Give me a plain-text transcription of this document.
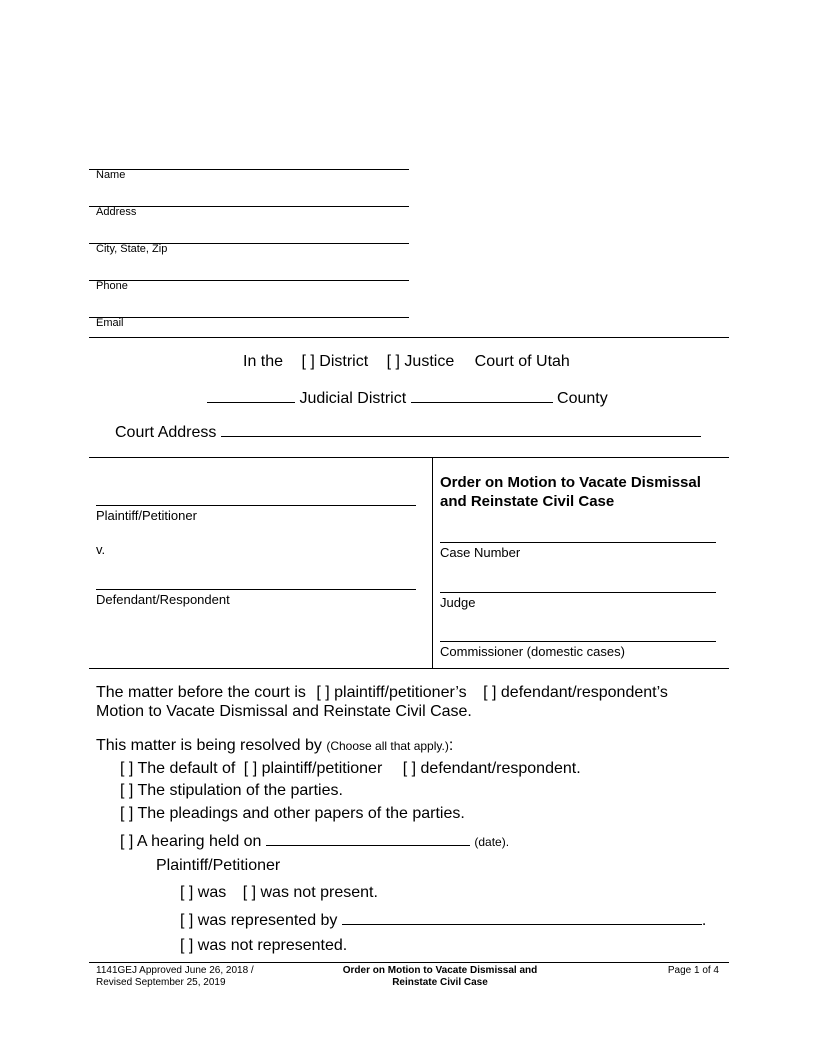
Name
Address
City, State, Zip
Phone
Email
In the [ ] District [ ] Justice Court of Utah
Judicial District	County
Court Address
Plaintiff/Petitioner
v.
Defendant/Respondent
Order on Motion to Vacate Dismissal
and Reinstate Civil Case
Case Number
Judge
Commissioner (domestic cases)
The matter before the court is [ ] plaintiff/petitioner’s [ ] defendant/respondent’s
Motion to Vacate Dismissal and Reinstate Civil Case.
This matter is being resolved by (Choose all that apply.):
[ ] The default of [ ] plaintiff/petitioner [ ] defendant/respondent.
[ ] The stipulation of the parties.
[ ] The pleadings and other papers of the parties.
[ ] A hearing held on	(date).
Plaintiff/Petitioner
[ ] was [ ] was not present.
[ ] was represented by	.
[ ] was not represented.
1141GEJ Approved June 26, 2018 /
Revised September 25, 2019
Order on Motion to Vacate Dismissal and
Reinstate Civil Case
Page 1 of 4
